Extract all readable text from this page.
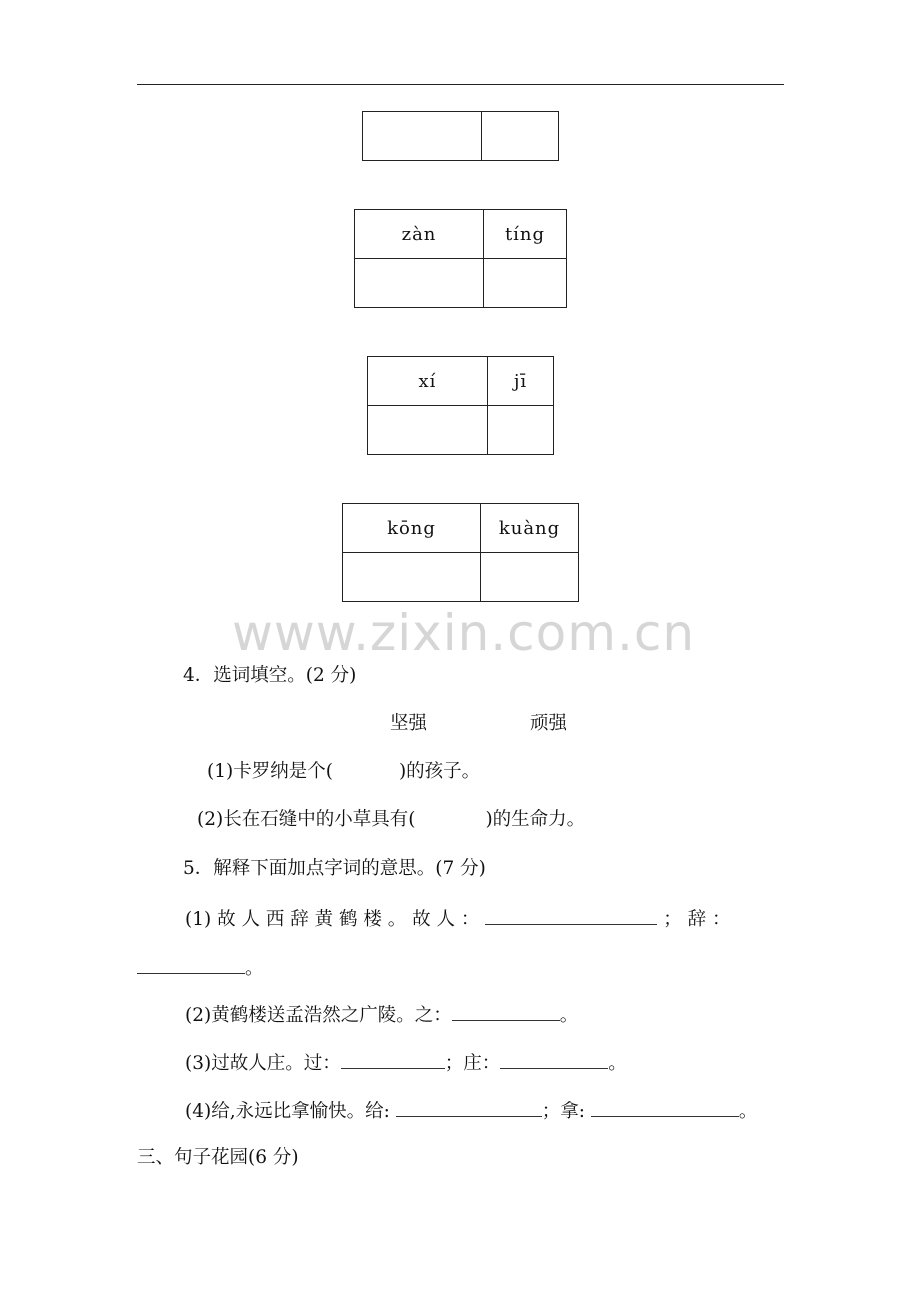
zàn	tíng

xí	jī

kōng	kuàng

www.zixin.com.cn
4．选词填空。(2 分)
坚强	顽强
(1)卡罗纳是个(	)的孩子。
(2)长在石缝中的小草具有(	)的生命力。
5．解释下面加点字词的意思。(7 分)
(1) 故 人 西 辞 黄 鹤 楼 。 故 人 ：	； 辞 ：
。
(2)黄鹤楼送孟浩然之广陵。之：	。
(3)过故人庄。过：	；庄：	。
(4)给,永远比拿愉快。给:	；拿:	。
三、句子花园(6 分)
